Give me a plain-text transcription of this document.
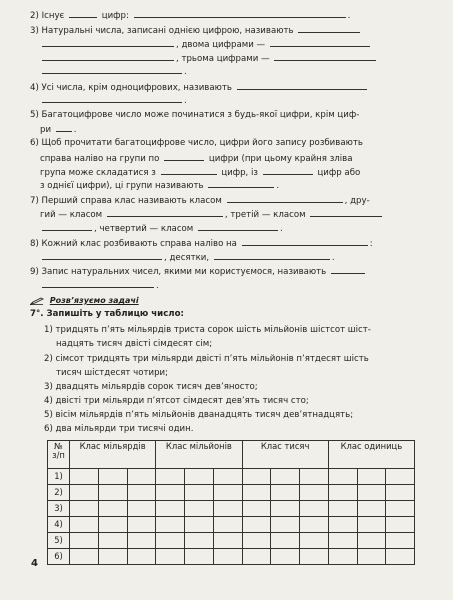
2) Існує	цифр:	.
3) Натуральні числа, записані однією цифрою, називають
, двома цифрами —
, трьома цифрами —
.
4) Усі числа, крім одноцифрових, називають
.
5) Багатоцифрове число може починатися з будь-якої цифри, крім циф-
ри	.
6) Щоб прочитати багатоцифрове число, цифри його запису розбивають
справа наліво на групи по	цифри (при цьому крайня зліва
група може складатися з	цифр, із	цифр або
з однієї цифри), ці групи називають	.
7) Перший справа клас називають класом	, дру-
гий — класом	, третій — класом
, четвертий — класом	.
8) Кожний клас розбивають справа наліво на	:
, десятки,	.
9) Запис натуральних чисел, якими ми користуємося, називають
.
Розв’язуємо задачі
7°. Запишіть у таблицю число:
1) тридцять п’ять мільярдів триста сорок шість мільйонів шістсот шіст-
надцять тисяч двісті сімдесят сім;
2) сімсот тридцять три мільярди двісті п’ять мільйонів п’ятдесят шість
тисяч шістдесят чотири;
3) двадцять мільярдів сорок тисяч дев’яносто;
4) двісті три мільярди п’ятсот сімдесят дев’ять тисяч сто;
5) вісім мільярдів п’ять мільйонів дванадцять тисяч дев’ятнадцять;
6) два мільярди три тисячі один.
№
з/п	Клас мільярдів			Клас мільйонів			Клас тисяч			Клас одиниць		
1)												
2)												
3)												
4)												
5)												
6)												
4
